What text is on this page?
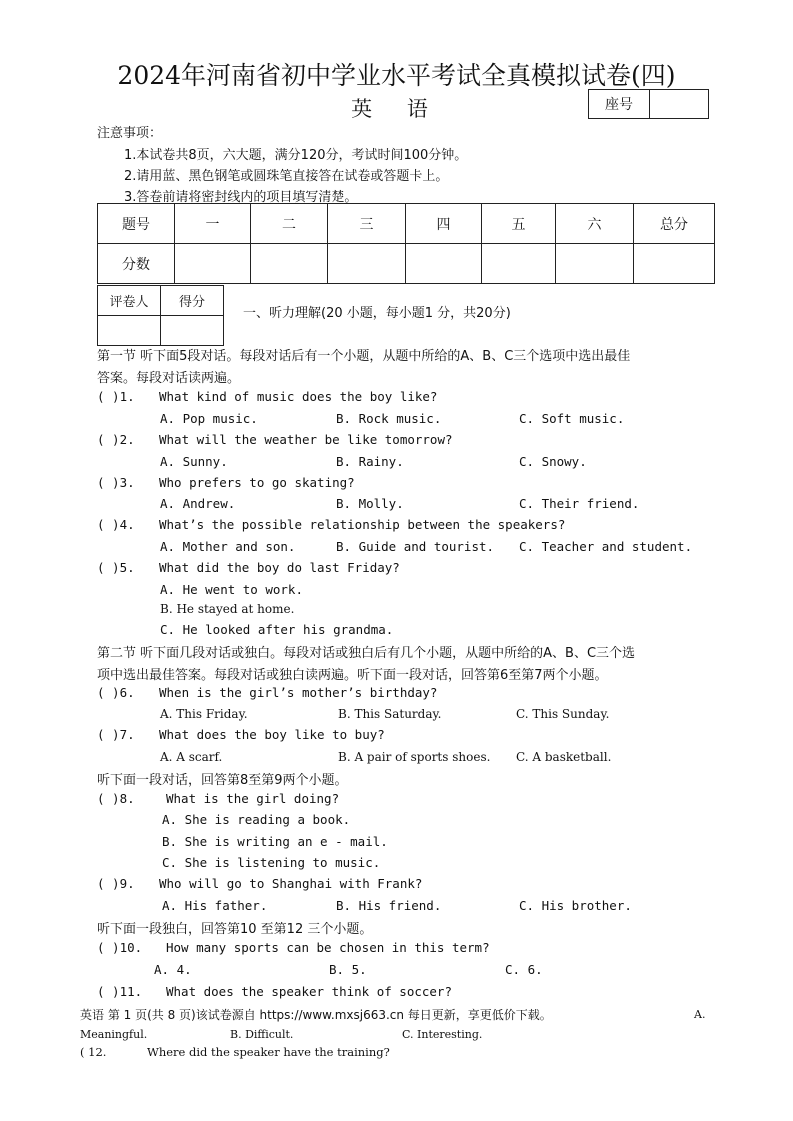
2024年河南省初中学业水平考试全真模拟试卷(四)
英 语	座号	
注意事项：
1.本试卷共8页，六大题，满分120分，考试时间100分钟。
2.请用蓝、黑色钢笔或圆珠笔直接答在试卷或答题卡上。
3.答卷前请将密封线内的项目填写清楚。
题号	一	二	三	四	五	六	总分
分数							
评卷人	得分

一、听力理解(20 小题，每小题1 分，共20分)
第一节 听下面5段对话。每段对话后有一个小题，从题中所给的A、B、C三个选项中选出最佳
答案。每段对话读两遍。
( )1. What kind of music does the boy like?
A. Pop music.	B. Rock music.	C. Soft music.
( )2. What will the weather be like tomorrow?
A. Sunny.	B. Rainy.	C. Snowy.
( )3. Who prefers to go skating?
A. Andrew.	B. Molly.	C. Their friend.
( )4. What’s the possible relationship between the speakers?
A. Mother and son.	B. Guide and tourist. C. Teacher and student.
( )5. What did the boy do last Friday?
A. He went to work.
B. He stayed at home.
C. He looked after his grandma.
第二节 听下面几段对话或独白。每段对话或独白后有几个小题，从题中所给的A、B、C三个选
项中选出最佳答案。每段对话或独白读两遍。听下面一段对话，回答第6至第7两个小题。
( )6. When is the girl’s mother’s birthday?
A. This Friday.	B. This Saturday.	C. This Sunday.
( )7. What does the boy like to buy?
A. A scarf.	B. A pair of sports shoes. C. A basketball.
听下面一段对话，回答第8至第9两个小题。
( )8.	What is the girl doing?
A. She is reading a book.
B. She is writing an e - mail.
C. She is listening to music.
( )9. Who will go to Shanghai with Frank?
A. His father.	B. His friend.	C. His brother.
听下面一段独白，回答第10 至第12 三个小题。
( )10. How many sports can be chosen in this term?
A. 4.	B. 5.	C. 6.
( )11. What does the speaker think of soccer?
英语 第 1 页(共 8 页)该试卷源自 https://www.mxsj663.cn 每日更新，享更低价下载。	A.
Meaningful.	B. Difficult.	C. Interesting.
( 12.	Where did the speaker have the training?
